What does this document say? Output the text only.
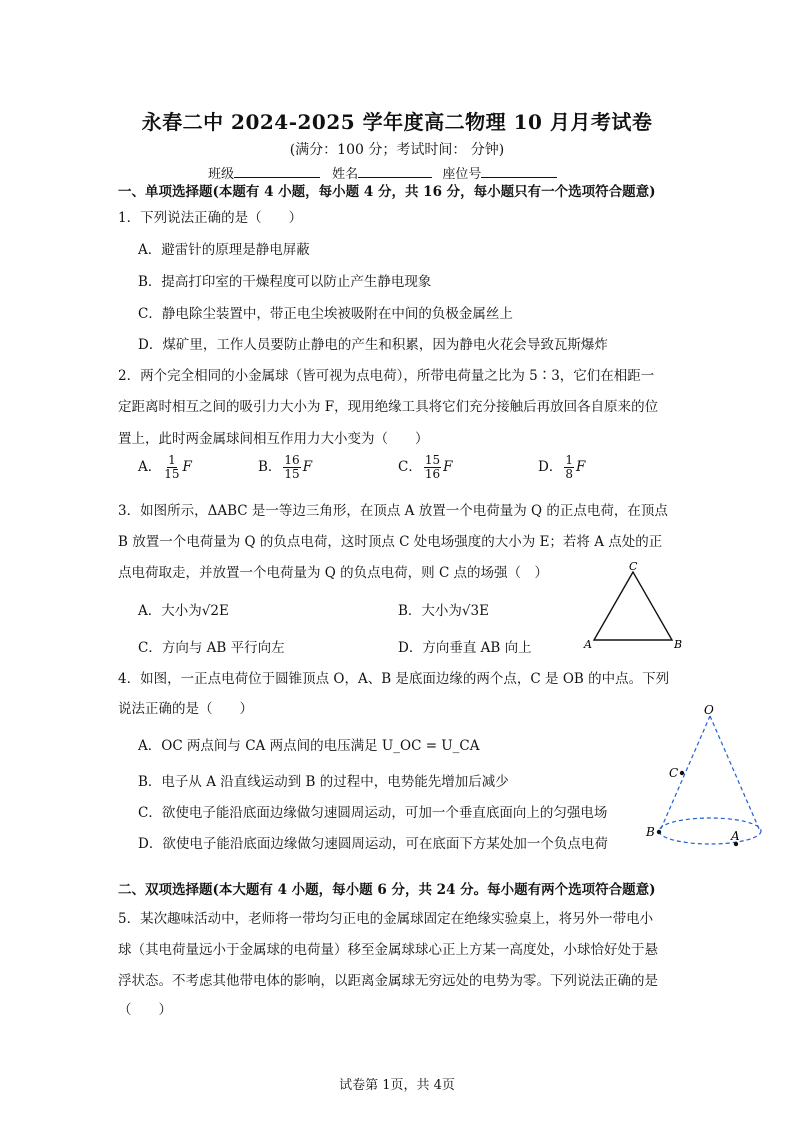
永春二中 2024-2025 学年度高二物理 10 月月考试卷
(满分：100 分；考试时间： 分钟)
班级	姓名	座位号
一、单项选择题(本题有 4 小题，每小题 4 分，共 16 分，每小题只有一个选项符合题意)
1．下列说法正确的是（　　）
A．避雷针的原理是静电屏蔽
B．提高打印室的干燥程度可以防止产生静电现象
C．静电除尘装置中，带正电尘埃被吸附在中间的负极金属丝上
D．煤矿里，工作人员要防止静电的产生和积累，因为静电火花会导致瓦斯爆炸
2．两个完全相同的小金属球（皆可视为点电荷），所带电荷量之比为 5∶3，它们在相距一
定距离时相互之间的吸引力大小为 F，现用绝缘工具将它们充分接触后再放回各自原来的位
置上，此时两金属球间相互作用力大小变为（　　）
A． $\frac{1}{15}$ F	B． $\frac{16}{15}$ F	C． $\frac{15}{16}$ F	D． $\frac{1}{8}$ F
3．如图所示，ΔABC 是一等边三角形，在顶点 A 放置一个电荷量为 Q 的正点电荷，在顶点
B 放置一个电荷量为 Q 的负点电荷，这时顶点 C 处电场强度的大小为 E；若将 A 点处的正
点电荷取走，并放置一个电荷量为 Q 的负点电荷，则 C 点的场强（　）
A．大小为√2E	B．大小为√3E
C．方向与 AB 平行向左	D．方向垂直 AB 向上
C
A	B
4．如图，一正点电荷位于圆锥顶点 O，A、B 是底面边缘的两个点，C 是 OB 的中点。下列
说法正确的是（　　）
A．OC 两点间与 CA 两点间的电压满足 U_OC = U_CA
B．电子从 A 沿直线运动到 B 的过程中，电势能先增加后减少
C．欲使电子能沿底面边缘做匀速圆周运动，可加一个垂直底面向上的匀强电场
D．欲使电子能沿底面边缘做匀速圆周运动，可在底面下方某处加一个负点电荷
O
C
B	A
二、双项选择题(本大题有 4 小题，每小题 6 分，共 24 分。每小题有两个选项符合题意)
5．某次趣味活动中，老师将一带均匀正电的金属球固定在绝缘实验桌上，将另外一带电小
球（其电荷量远小于金属球的电荷量）移至金属球球心正上方某一高度处，小球恰好处于悬
浮状态。不考虑其他带电体的影响，以距离金属球无穷远处的电势为零。下列说法正确的是
（　　）
试卷第 1页，共 4页
